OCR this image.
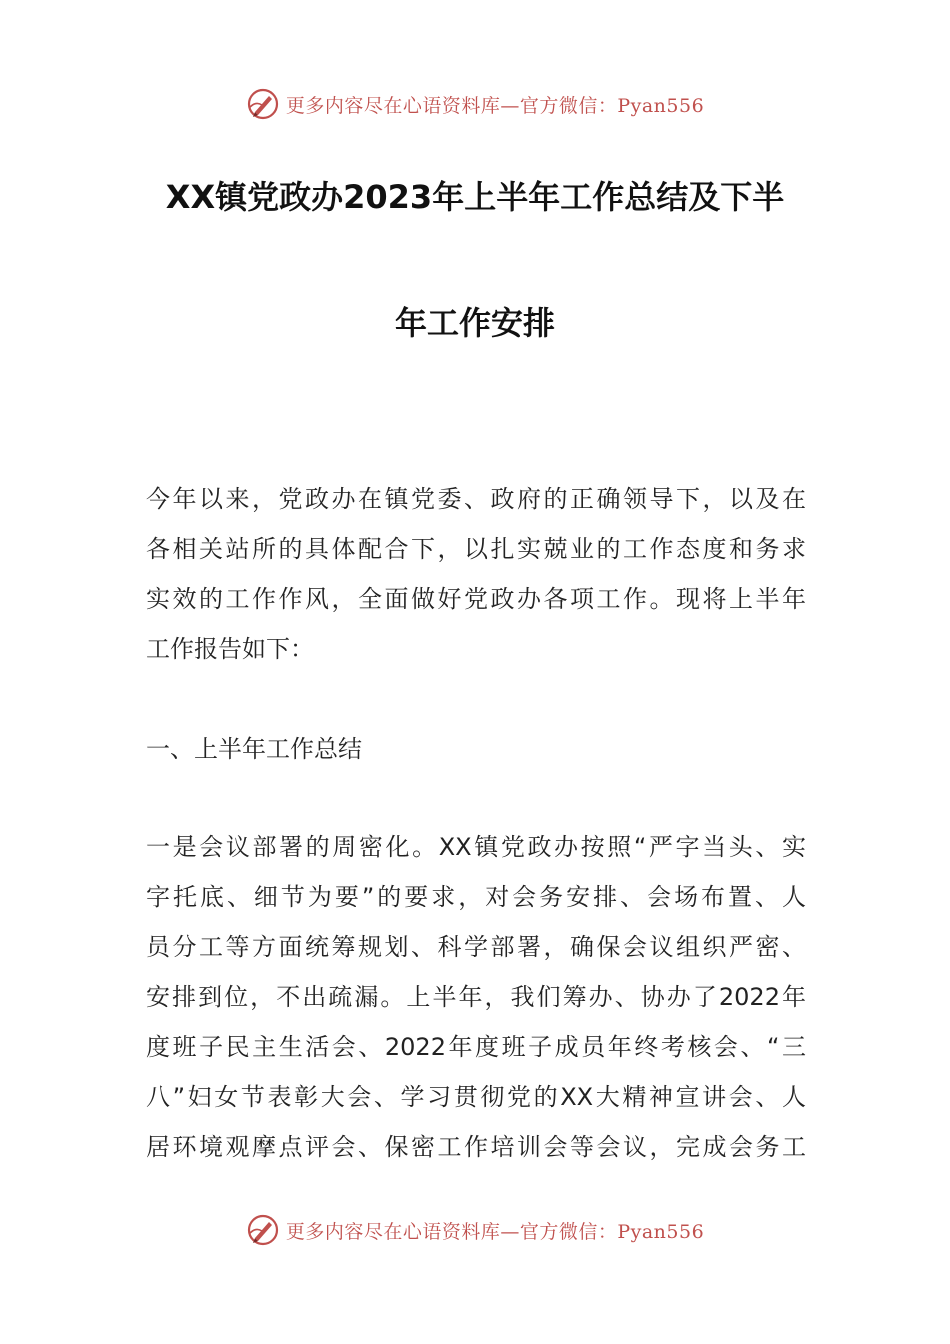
更多内容尽在心语资料库—官方微信：Pyan556
XX镇党政办2023年上半年工作总结及下半
年工作安排
今年以来，党政办在镇党委、政府的正确领导下，以及在
各相关站所的具体配合下，以扎实兢业的工作态度和务求
实效的工作作风，全面做好党政办各项工作。现将上半年
工作报告如下：
一、上半年工作总结
一是会议部署的周密化。XX镇党政办按照“严字当头、实
字托底、细节为要”的要求，对会务安排、会场布置、人
员分工等方面统筹规划、科学部署，确保会议组织严密、
安排到位，不出疏漏。上半年，我们筹办、协办了2022年
度班子民主生活会、2022年度班子成员年终考核会、“三
八”妇女节表彰大会、学习贯彻党的XX大精神宣讲会、人
居环境观摩点评会、保密工作培训会等会议，完成会务工
更多内容尽在心语资料库—官方微信：Pyan556
